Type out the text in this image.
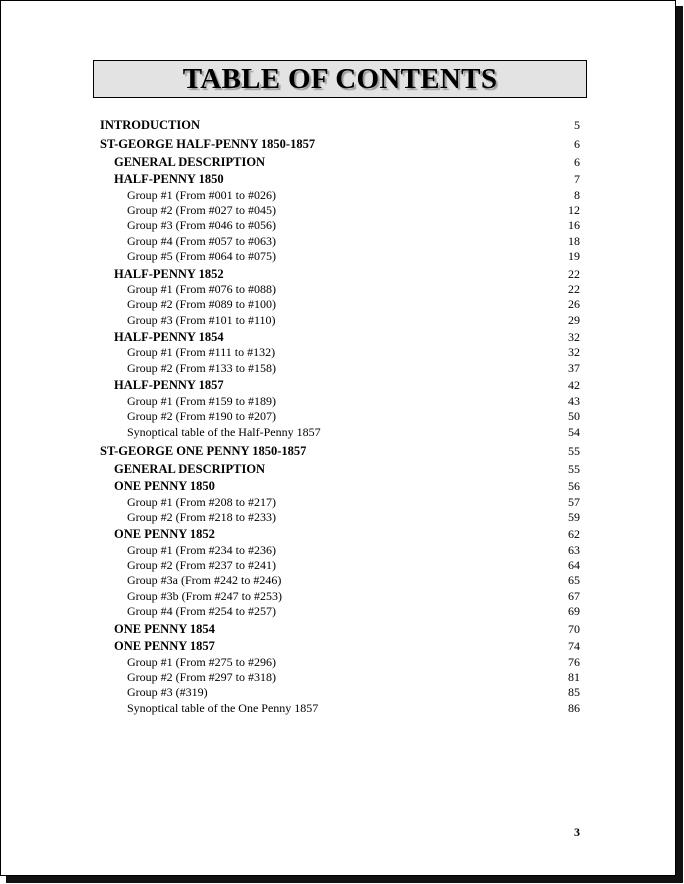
TABLE OF CONTENTS
INTRODUCTION	5
ST-GEORGE HALF-PENNY 1850-1857	6
GENERAL DESCRIPTION	6
HALF-PENNY 1850	7
Group #1 (From #001 to #026)	8
Group #2 (From #027 to #045)	12
Group #3 (From #046 to #056)	16
Group #4 (From #057 to #063)	18
Group #5 (From #064 to #075)	19
HALF-PENNY 1852	22
Group #1 (From #076 to #088)	22
Group #2 (From #089 to #100)	26
Group #3 (From #101 to #110)	29
HALF-PENNY 1854	32
Group #1 (From #111 to #132)	32
Group #2 (From #133 to #158)	37
HALF-PENNY 1857	42
Group #1 (From #159 to #189)	43
Group #2 (From #190 to #207)	50
Synoptical table of the Half-Penny 1857	54
ST-GEORGE ONE PENNY 1850-1857	55
GENERAL DESCRIPTION	55
ONE PENNY 1850	56
Group #1 (From #208 to #217)	57
Group #2 (From #218 to #233)	59
ONE PENNY 1852	62
Group #1 (From #234 to #236)	63
Group #2 (From #237 to #241)	64
Group #3a (From #242 to #246)	65
Group #3b (From #247 to #253)	67
Group #4 (From #254 to #257)	69
ONE PENNY 1854	70
ONE PENNY 1857	74
Group #1 (From #275 to #296)	76
Group #2 (From #297 to #318)	81
Group #3 (#319)	85
Synoptical table of the One Penny 1857	86
3
